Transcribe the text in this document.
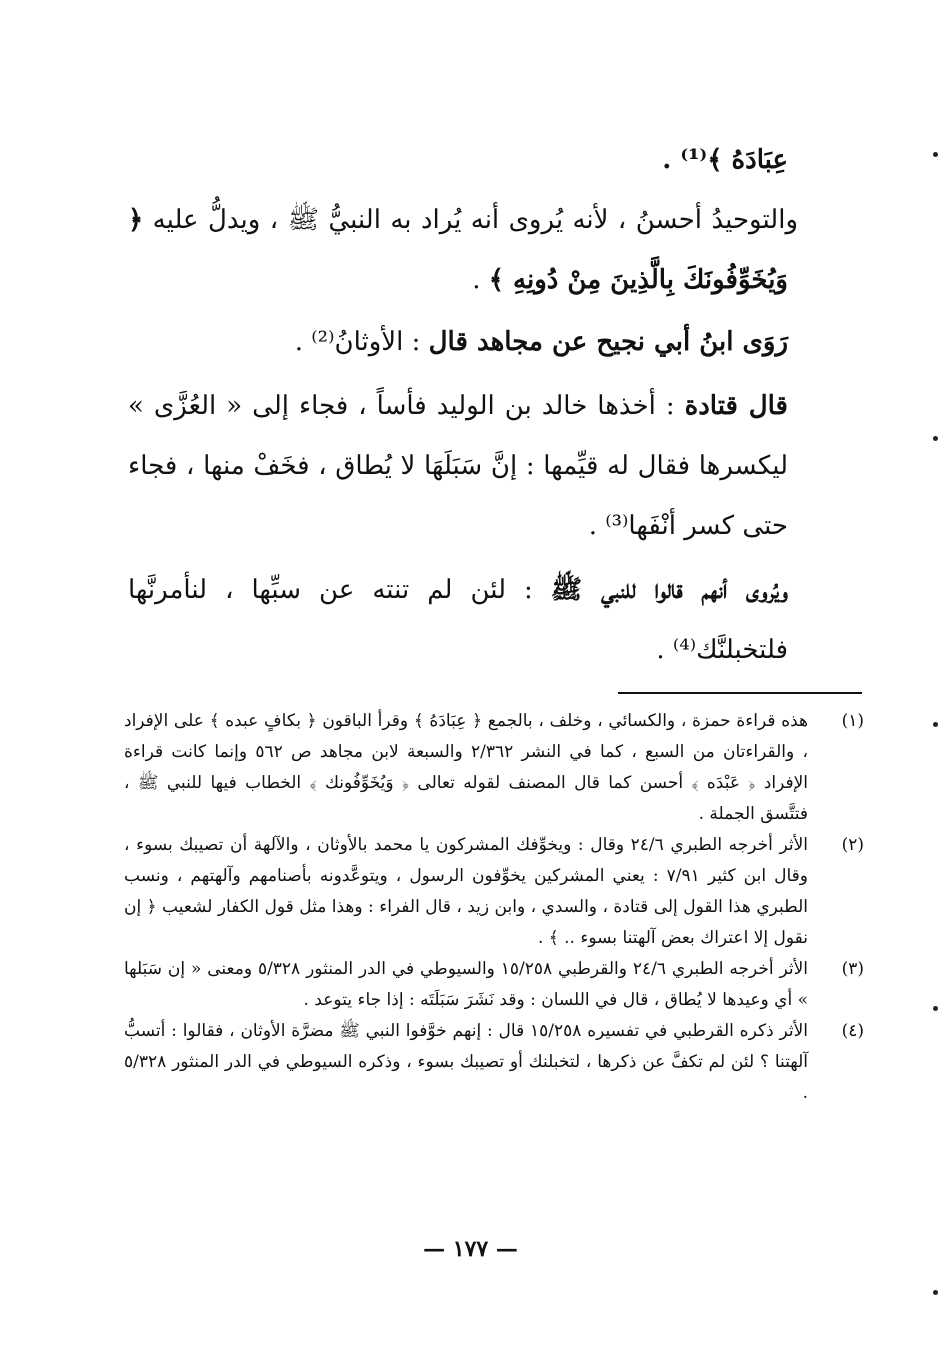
عِبَادَهُ ﴾⁽¹⁾ .

والتوحيدُ أحسنُ ، لأنه يُروى أنه يُراد به النبيُّ ﷺ ، ويدلُّ عليه ﴿ وَيُخَوِّفُونَكَ بِالَّذِينَ مِنْ دُونِهِ ﴾ .

رَوَى ابنُ أبي نجيح عن مجاهد قال : الأوثانُ⁽²⁾ .

قال قتادة : أخذها خالد بن الوليد فأساً ، فجاء إلى « العُزَّى » ليكسرها فقال له قيِّمها : إنَّ سَبَلَهَا لا يُطاق ، فخَفْ منها ، فجاء حتى كسر أنْفَها⁽³⁾ .

ويُروى أنهم قالوا للنبي ﷺ : لئن لم تنته عن سبِّها ، لنأمرنَّها فلتخبلنَّك⁽⁴⁾ .

(١)
هذه قراءة حمزة ، والكسائي ، وخلف ، بالجمع ﴿ عِبَادَهُ ﴾ وقرأ الباقون ﴿ بكافٍ عبده ﴾ على الإفراد ، والقراءتان من السبع ، كما في النشر ٢/٣٦٢ والسبعة لابن مجاهد ص ٥٦٢ وإنما كانت قراءة الإفراد ﴿ عَبْدَه ﴾ أحسن كما قال المصنف لقوله تعالى ﴿ وَيُخَوِّفُونك ﴾ الخطاب فيها للنبي ﷺ ، فتتَّسق الجملة .

(٢)
الأثر أخرجه الطبري ٢٤/٦ وقال : ويخوِّفك المشركون يا محمد بالأوثان ، والآلهة أن تصيبك بسوء ، وقال ابن كثير ٧/٩١ : يعني المشركين يخوِّفون الرسول ، ويتوعَّدونه بأصنامهم وآلهتهم ، ونسب الطبري هذا القول إلى قتادة ، والسدي ، وابن زيد ، قال الفراء : وهذا مثل قول الكفار لشعيب ﴿ إن نقول إلا اعتراك بعض آلهتنا بسوء .. ﴾ .

(٣)
الأثر أخرجه الطبري ٢٤/٦ والقرطبي ١٥/٢٥٨ والسيوطي في الدر المنثور ٥/٣٢٨ ومعنى « إن سَبَلها » أي وعيدها لا يُطاق ، قال في اللسان : وقد نَشَرَ سَبَلَتَه : إذا جاء يتوعد .

(٤)
الأثر ذكره القرطبي في تفسيره ١٥/٢٥٨ قال : إنهم خوَّفوا النبي ﷺ مضرَّة الأوثان ، فقالوا : أتسبُّ آلهتنا ؟ لئن لم تكفَّ عن ذكرها ، لتخبلنك أو تصيبك بسوء ، وذكره السيوطي في الدر المنثور ٥/٣٢٨ .

— ١٧٧ —
